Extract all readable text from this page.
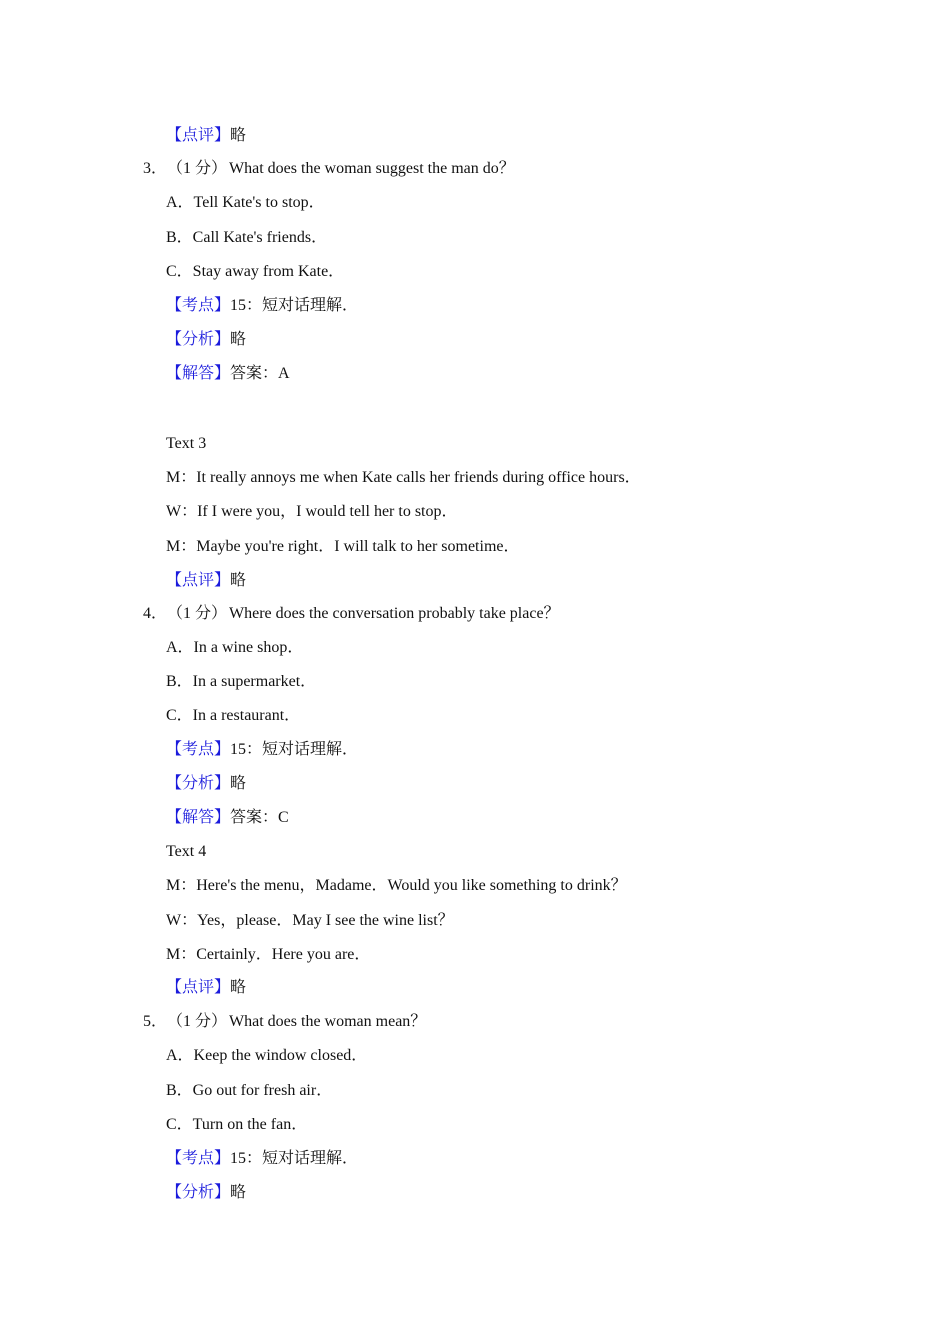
【点评】略
3．（1 分） What does the woman suggest the man do？
A．Tell Kate's to stop．
B．Call Kate's friends．
C．Stay away from Kate．
【考点】15：短对话理解．
【分析】略
【解答】答案：A
Text 3
M：It really annoys me when Kate calls her friends during office hours．
W：If I were you，I would tell her to stop．
M：Maybe you're right．I will talk to her sometime．
【点评】略
4．（1 分） Where does the conversation probably take place？
A．In a wine shop．
B．In a supermarket．
C．In a restaurant．
【考点】15：短对话理解．
【分析】略
【解答】答案：C
Text 4
M：Here's the menu，Madame．Would you like something to drink？
W：Yes，please．May I see the wine list？
M：Certainly．Here you are．
【点评】略
5．（1 分） What does the woman mean？
A．Keep the window closed．
B．Go out for fresh air．
C．Turn on the fan．
【考点】15：短对话理解．
【分析】略
